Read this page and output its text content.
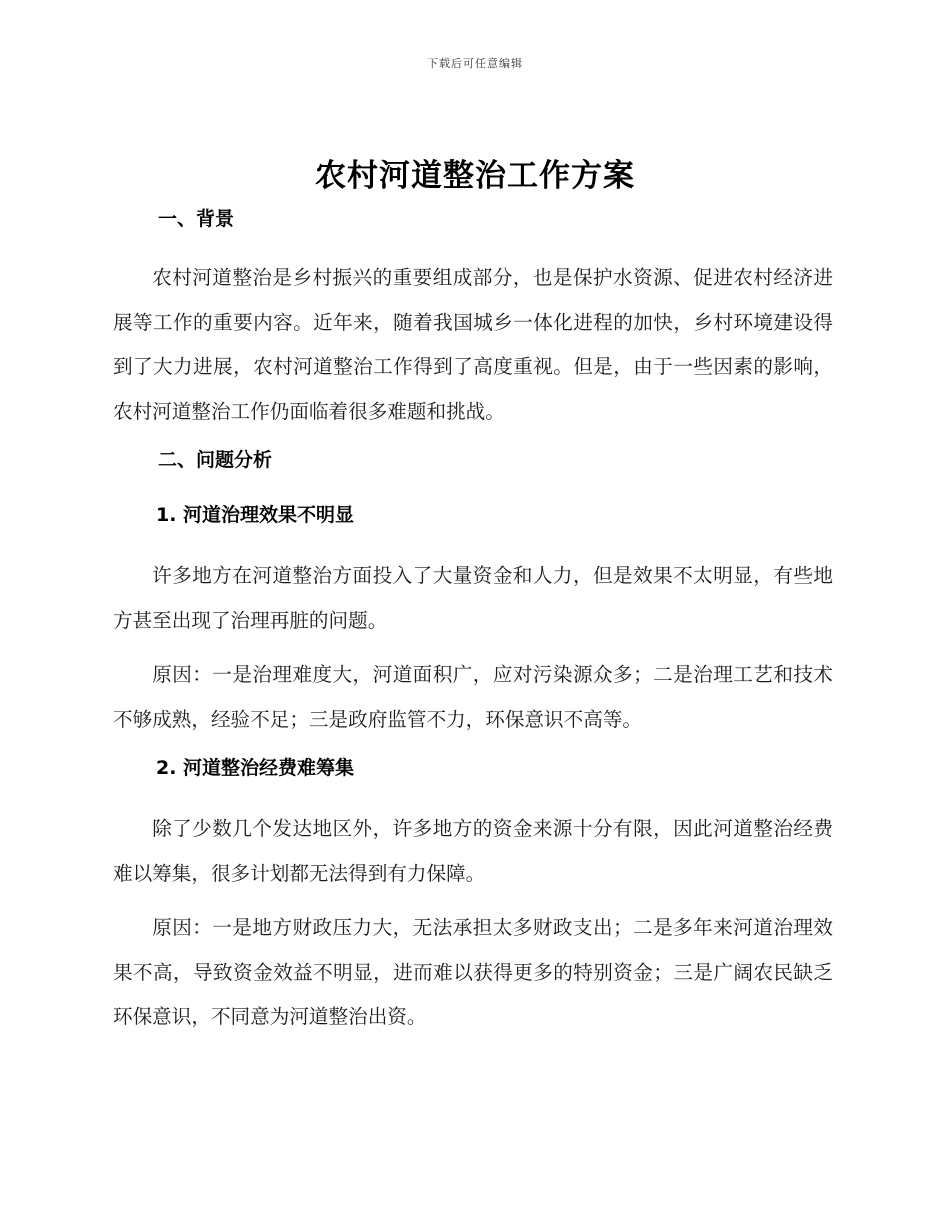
下载后可任意编辑
农村河道整治工作方案
一、背景

农村河道整治是乡村振兴的重要组成部分，也是保护水资源、促进农村经济进展等工作的重要内容。近年来，随着我国城乡一体化进程的加快，乡村环境建设得到了大力进展，农村河道整治工作得到了高度重视。但是，由于一些因素的影响，农村河道整治工作仍面临着很多难题和挑战。

二、问题分析
1. 河道治理效果不明显

许多地方在河道整治方面投入了大量资金和人力，但是效果不太明显，有些地方甚至出现了治理再脏的问题。

原因：一是治理难度大，河道面积广，应对污染源众多；二是治理工艺和技术不够成熟，经验不足；三是政府监管不力，环保意识不高等。

2. 河道整治经费难筹集

除了少数几个发达地区外，许多地方的资金来源十分有限，因此河道整治经费难以筹集，很多计划都无法得到有力保障。

原因：一是地方财政压力大，无法承担太多财政支出；二是多年来河道治理效果不高，导致资金效益不明显，进而难以获得更多的特别资金；三是广阔农民缺乏环保意识，不同意为河道整治出资。
